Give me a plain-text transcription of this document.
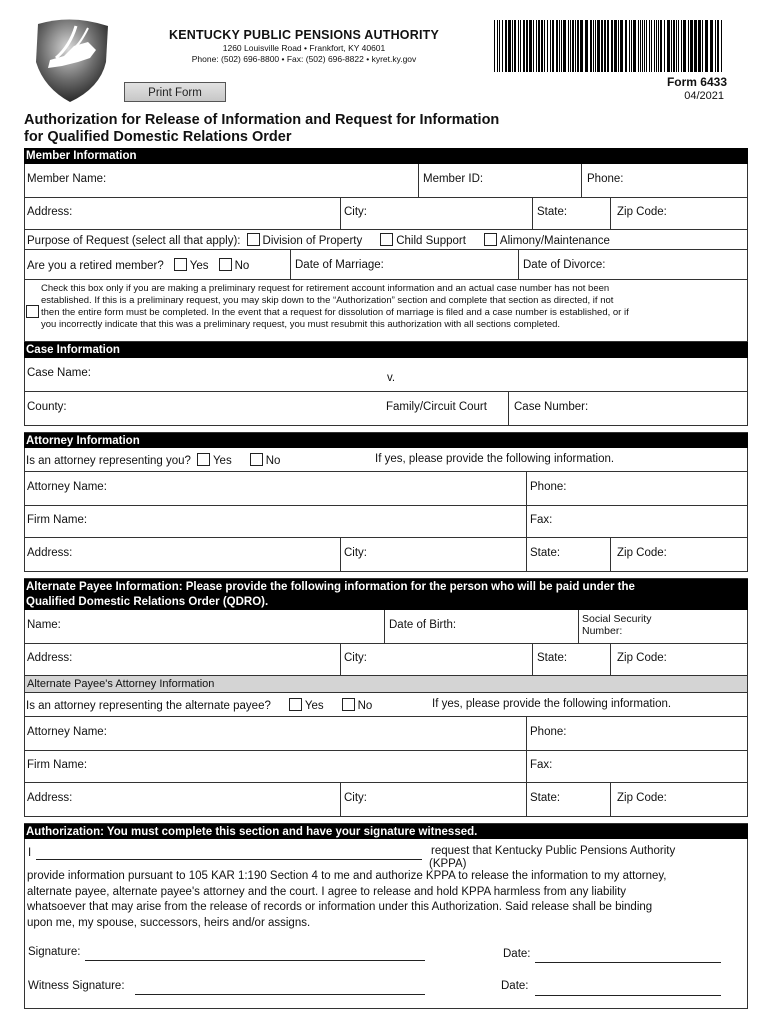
KENTUCKY PUBLIC PENSIONS AUTHORITY
1260 Louisville Road • Frankfort, KY 40601
Phone: (502) 696-8800 • Fax: (502) 696-8822 • kyret.ky.gov
Print Form
Form 6433
04/2021
Authorization for Release of Information and Request for Information
for Qualified Domestic Relations Order
Member Information
Member Name:	Member ID:	Phone:
Address:	City:	State:	Zip Code:
Purpose of Request (select all that apply): Division of Property	Child Support	Alimony/Maintenance
Are you a retired member? Yes No	Date of Marriage:	Date of Divorce:
Check this box only if you are making a preliminary request for retirement account information and an actual case number has not been
established. If this is a preliminary request, you may skip down to the “Authorization” section and complete that section as directed, if not
then the entire form must be completed. In the event that a request for dissolution of marriage is filed and a case number is established, or if
you incorrectly indicate that this was a preliminary request, you must resubmit this authorization with all sections completed.
Case Information
Case Name:	v.
County:	Family/Circuit Court Case Number:
Attorney Information
Is an attorney representing you? Yes	No	If yes, please provide the following information.
Attorney Name:	Phone:
Firm Name:	Fax:
Address:	City:	State:	Zip Code:
Alternate Payee Information: Please provide the following information for the person who will be paid under the
Qualified Domestic Relations Order (QDRO).
Name:	Date of Birth:	Social Security
Number:
Address:	City:	State:	Zip Code:
Alternate Payee's Attorney Information
Is an attorney representing the alternate payee?	Yes	No	If yes, please provide the following information.
Attorney Name:	Phone:
Firm Name:	Fax:
Address:	City:	State:	Zip Code:
Authorization: You must complete this section and have your signature witnessed.
I	request that Kentucky Public Pensions Authority
(KPPA)
provide information pursuant to 105 KAR 1:190 Section 4 to me and authorize KPPA to release the information to my attorney,
alternate payee, alternate payee's attorney and the court. I agree to release and hold KPPA harmless from any liability
whatsoever that may arise from the release of records or information under this Authorization. Said release shall be binding
upon me, my spouse, successors, heirs and/or assigns.
Signature:	Date:
Witness Signature:	Date:
